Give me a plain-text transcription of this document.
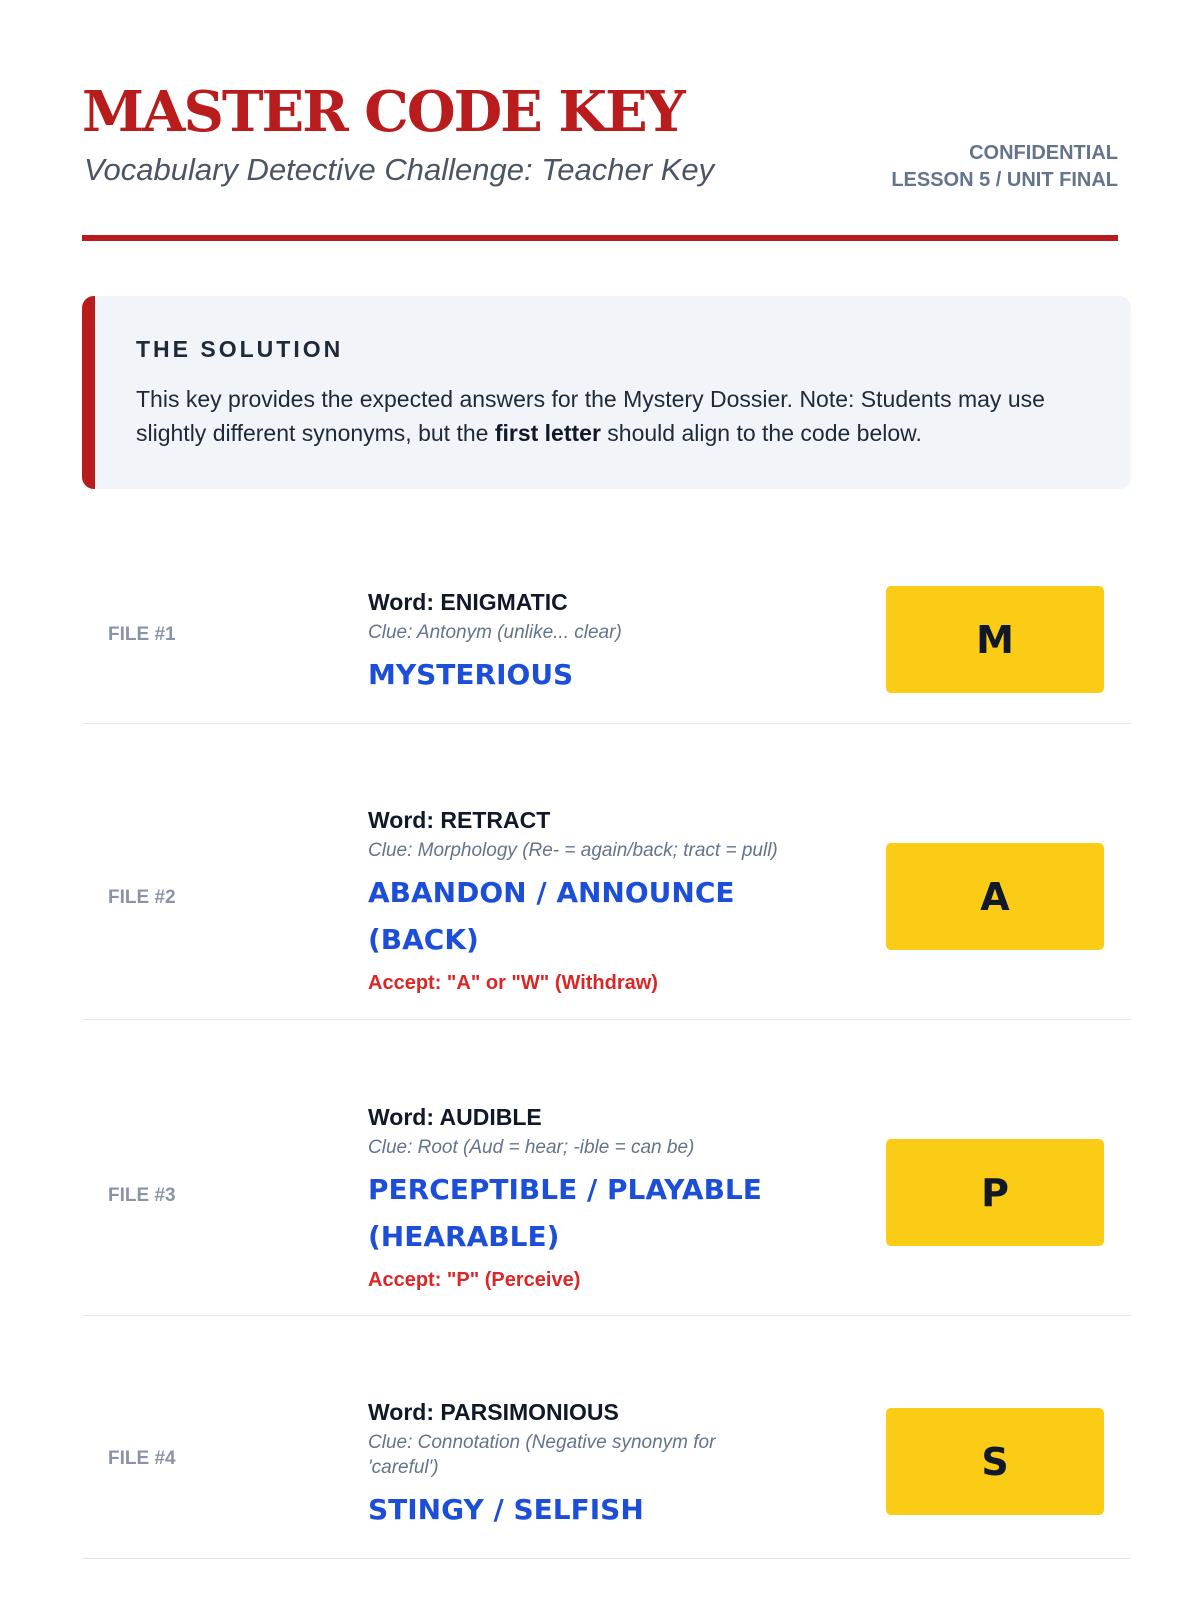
MASTER CODE KEY
Vocabulary Detective Challenge: Teacher Key	CONFIDENTIAL
LESSON 5 / UNIT FINAL
THE SOLUTION
This key provides the expected answers for the Mystery Dossier. Note: Students may use slightly different synonyms, but the first letter should align to the code below.
FILE #1
Word: ENIGMATIC
Clue: Antonym (unlike... clear)
MYSTERIOUS
M
FILE #2
Word: RETRACT
Clue: Morphology (Re- = again/back; tract = pull)
ABANDON / ANNOUNCE (BACK)
Accept: "A" or "W" (Withdraw)
A
FILE #3
Word: AUDIBLE
Clue: Root (Aud = hear; -ible = can be)
PERCEPTIBLE / PLAYABLE (HEARABLE)
Accept: "P" (Perceive)
P
FILE #4
Word: PARSIMONIOUS
Clue: Connotation (Negative synonym for 'careful')
STINGY / SELFISH
S
